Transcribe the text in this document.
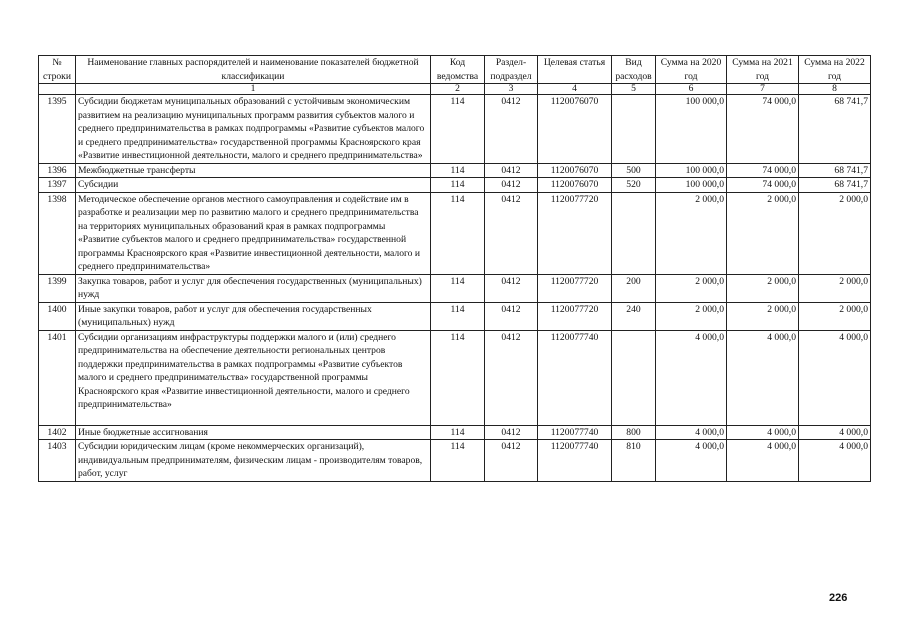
№ строки	Наименование главных распорядителей и наименование показателей бюджетной классификации	Код ведомства	Раздел-подраздел	Целевая статья	Вид расходов	Сумма на 2020 год	Сумма на 2021 год	Сумма на 2022 год
	1	2	3	4	5	6	7	8
1395	Субсидии бюджетам муниципальных образований с устойчивым экономическим развитием на реализацию муниципальных программ развития субъектов малого и среднего предпринимательства в рамках подпрограммы «Развитие субъектов малого и среднего предпринимательства» государственной программы Красноярского края «Развитие инвестиционной деятельности, малого и среднего предпринимательства»	114	0412	1120076070		100 000,0	74 000,0	68 741,7
1396	Межбюджетные трансферты	114	0412	1120076070	500	100 000,0	74 000,0	68 741,7
1397	Субсидии	114	0412	1120076070	520	100 000,0	74 000,0	68 741,7
1398	Методическое обеспечение органов местного самоуправления и содействие им в разработке и реализации мер по развитию малого и среднего предпринимательства на территориях муниципальных образований края в рамках подпрограммы «Развитие субъектов малого и среднего предпринимательства» государственной программы Красноярского края «Развитие инвестиционной деятельности, малого и среднего предпринимательства»	114	0412	1120077720		2 000,0	2 000,0	2 000,0
1399	Закупка товаров, работ и услуг для обеспечения государственных (муниципальных) нужд	114	0412	1120077720	200	2 000,0	2 000,0	2 000,0
1400	Иные закупки товаров, работ и услуг для обеспечения государственных (муниципальных) нужд	114	0412	1120077720	240	2 000,0	2 000,0	2 000,0
1401	Субсидии организациям инфраструктуры поддержки малого и (или) среднего предпринимательства на обеспечение деятельности региональных центров поддержки предпринимательства в рамках подпрограммы «Развитие субъектов малого и среднего предпринимательства» государственной программы Красноярского края «Развитие инвестиционной деятельности, малого и среднего предпринимательства»	114	0412	1120077740		4 000,0	4 000,0	4 000,0
1402	Иные бюджетные ассигнования	114	0412	1120077740	800	4 000,0	4 000,0	4 000,0
1403	Субсидии юридическим лицам (кроме некоммерческих организаций), индивидуальным предпринимателям, физическим лицам - производителям товаров, работ, услуг	114	0412	1120077740	810	4 000,0	4 000,0	4 000,0
226
